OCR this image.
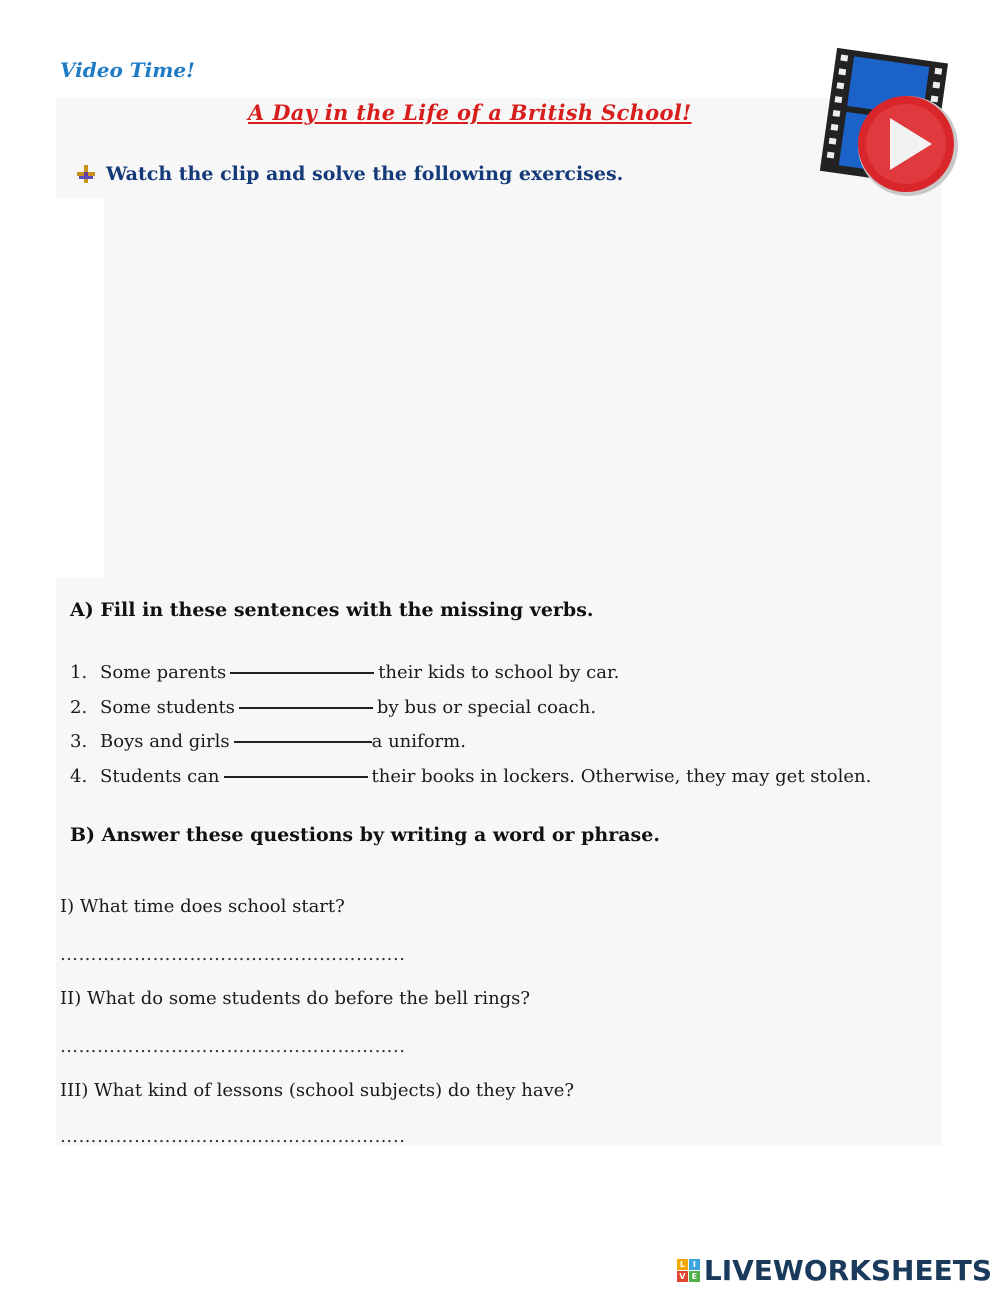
Video Time!
A Day in the Life of a British School!
Watch the clip and solve the following exercises.
A) Fill in these sentences with the missing verbs.
1. Some parents	their kids to school by car.
2. Some students	by bus or special coach.
3. Boys and girls	a uniform.
4. Students can	their books in lockers. Otherwise, they may get stolen.
B) Answer these questions by writing a word or phrase.
I) What time does school start?
………………………………………………..
II) What do some students do before the bell rings?
………………………………………………..
III) What kind of lessons (school subjects) do they have?
………………………………………………..
L I
V E LIVEWORKSHEETS
